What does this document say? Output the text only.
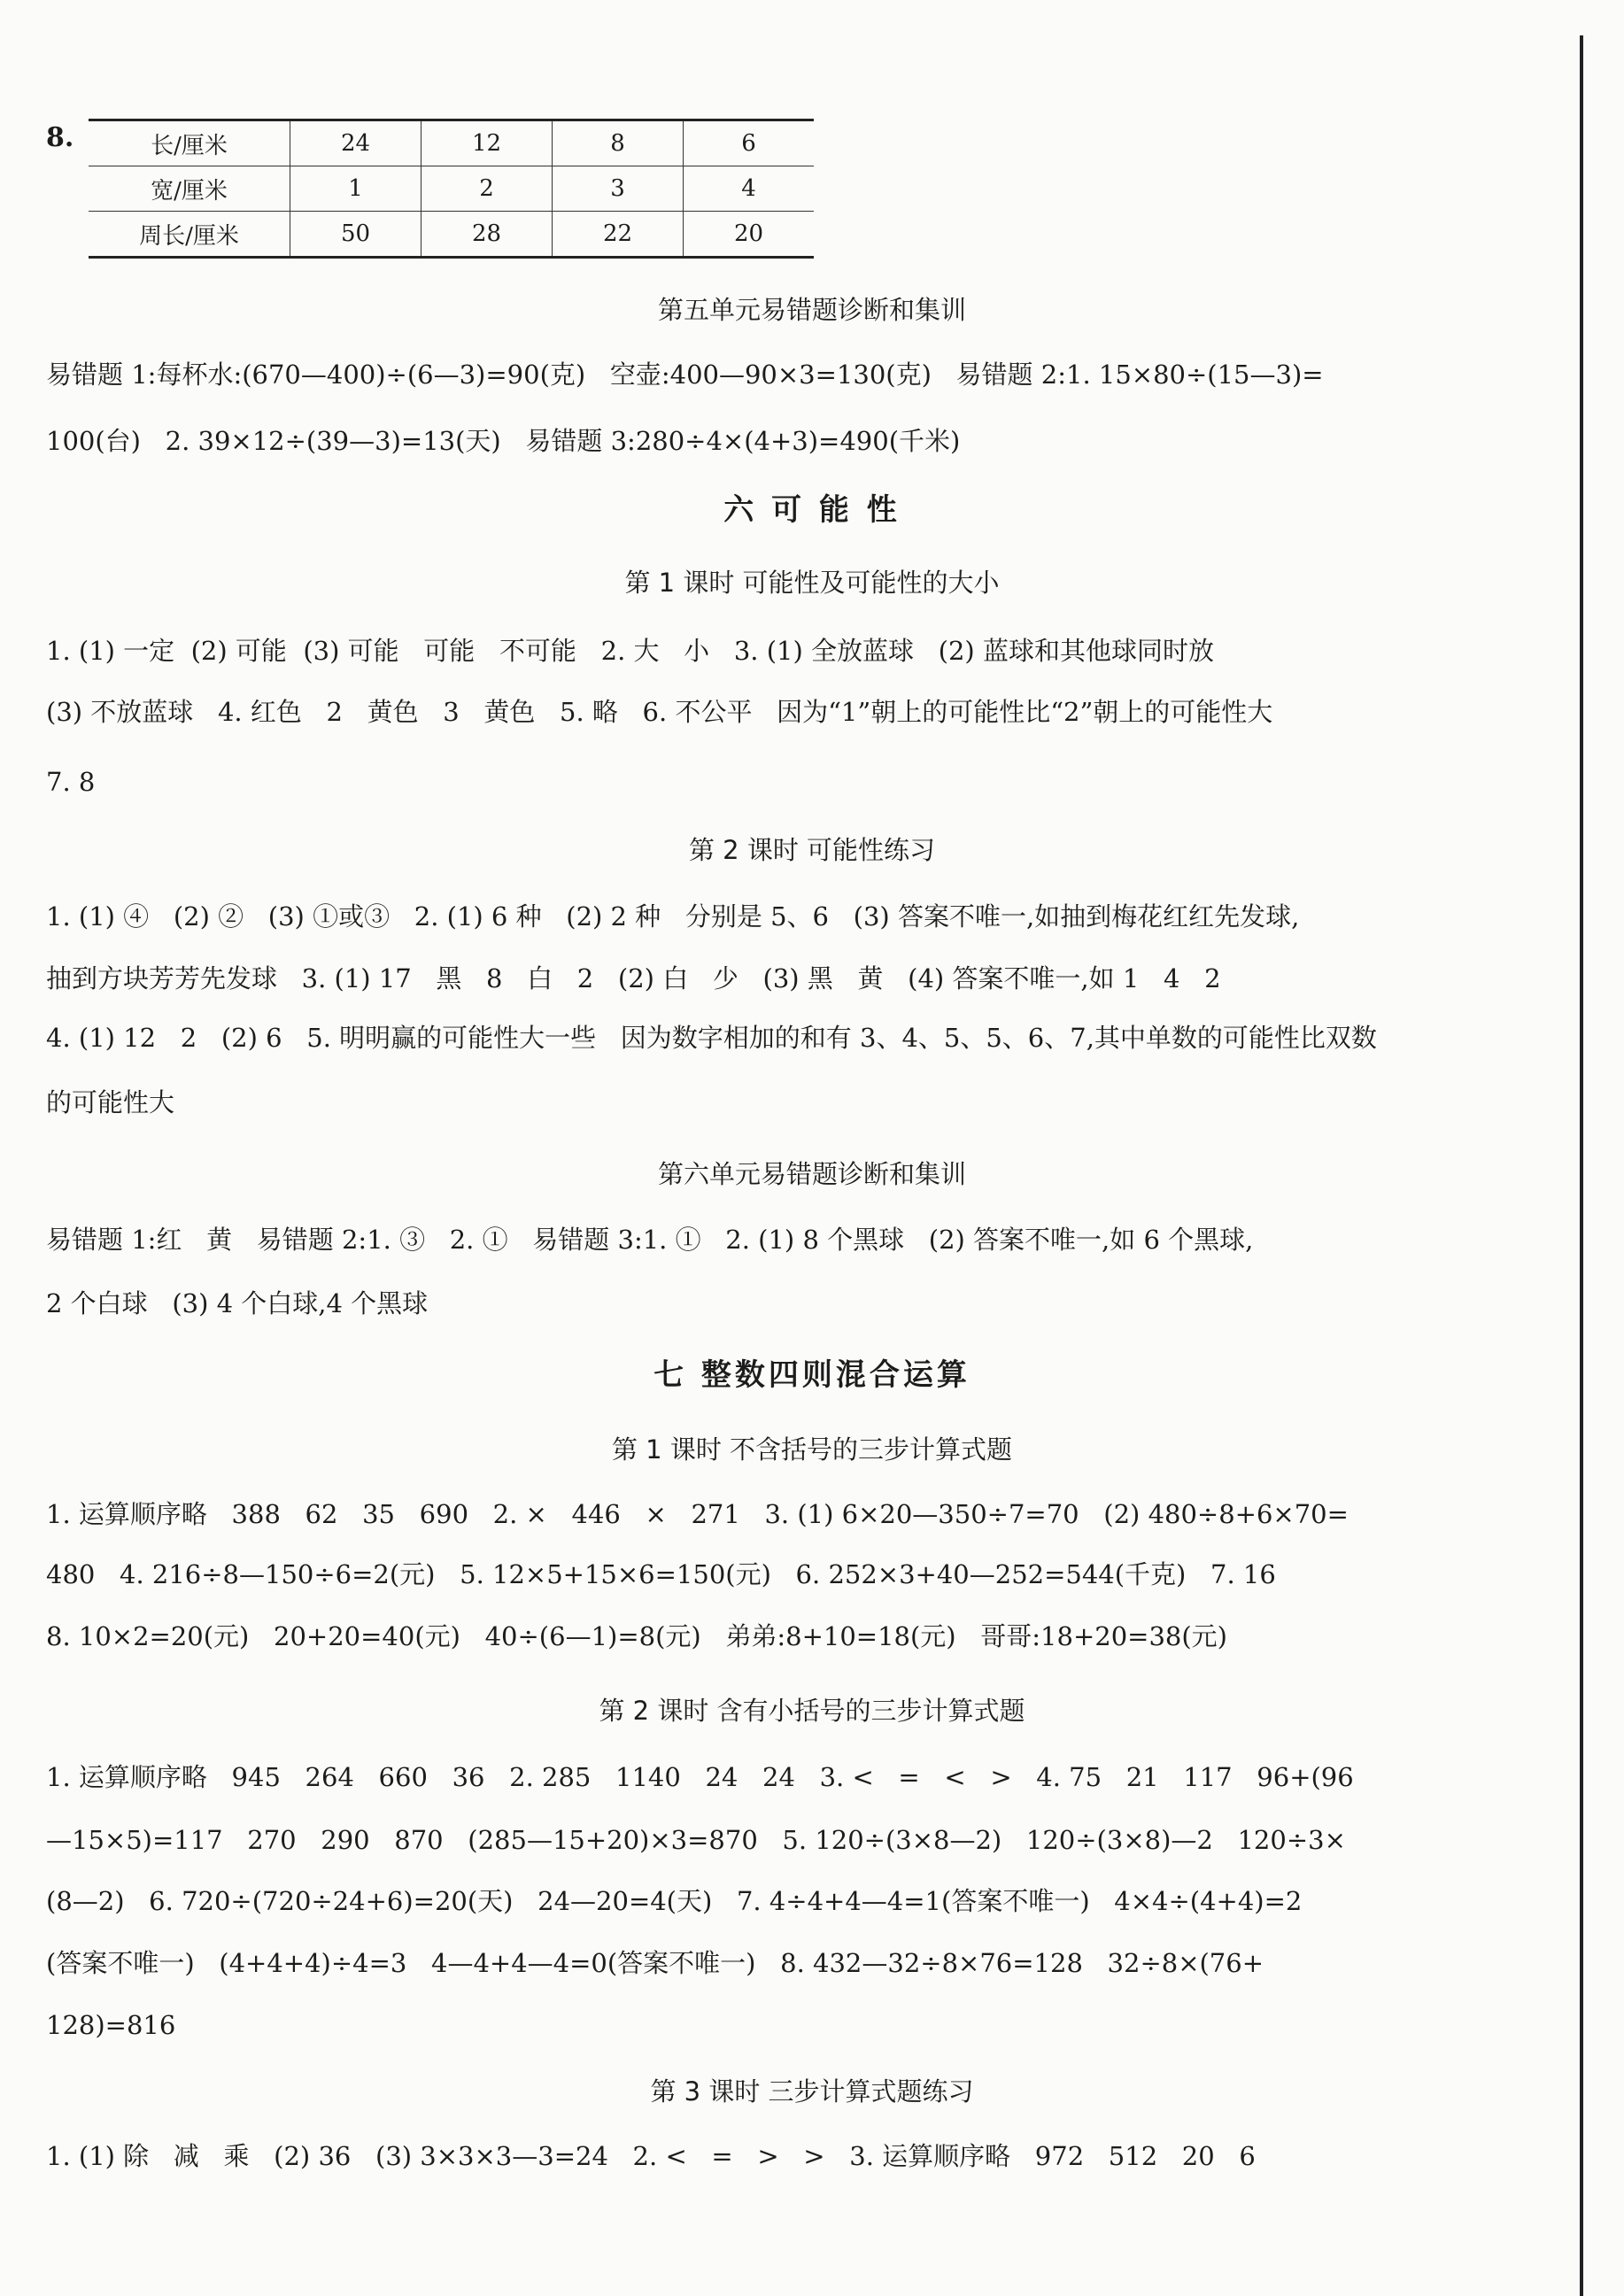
8.	长/厘米	24	12	8	6
宽/厘米	1	2	3	4
周长/厘米	50	28	22	20
第五单元易错题诊断和集训
易错题 1:每杯水:(670—400)÷(6—3)=90(克)   空壶:400—90×3=130(克)   易错题 2:1. 15×80÷(15—3)=
100(台)   2. 39×12÷(39—3)=13(天)   易错题 3:280÷4×(4+3)=490(千米)
六 可 能 性
第 1 课时 可能性及可能性的大小
1. (1) 一定  (2) 可能  (3) 可能   可能   不可能   2. 大   小   3. (1) 全放蓝球   (2) 蓝球和其他球同时放
(3) 不放蓝球   4. 红色   2   黄色   3   黄色   5. 略   6. 不公平   因为“1”朝上的可能性比“2”朝上的可能性大
7. 8
第 2 课时 可能性练习
1. (1) ④   (2) ②   (3) ①或③   2. (1) 6 种   (2) 2 种   分别是 5、6   (3) 答案不唯一,如抽到梅花红红先发球,
抽到方块芳芳先发球   3. (1) 17   黑   8   白   2   (2) 白   少   (3) 黑   黄   (4) 答案不唯一,如 1   4   2
4. (1) 12   2   (2) 6   5. 明明赢的可能性大一些   因为数字相加的和有 3、4、5、5、6、7,其中单数的可能性比双数
的可能性大
第六单元易错题诊断和集训
易错题 1:红   黄   易错题 2:1. ③   2. ①   易错题 3:1. ①   2. (1) 8 个黑球   (2) 答案不唯一,如 6 个黑球,
2 个白球   (3) 4 个白球,4 个黑球
七 整数四则混合运算
第 1 课时 不含括号的三步计算式题
1. 运算顺序略   388   62   35   690   2. ×   446   ×   271   3. (1) 6×20—350÷7=70   (2) 480÷8+6×70=
480   4. 216÷8—150÷6=2(元)   5. 12×5+15×6=150(元)   6. 252×3+40—252=544(千克)   7. 16
8. 10×2=20(元)   20+20=40(元)   40÷(6—1)=8(元)   弟弟:8+10=18(元)   哥哥:18+20=38(元)
第 2 课时 含有小括号的三步计算式题
1. 运算顺序略   945   264   660   36   2. 285   1140   24   24   3. <   =   <   >   4. 75   21   117   96+(96
—15×5)=117   270   290   870   (285—15+20)×3=870   5. 120÷(3×8—2)   120÷(3×8)—2   120÷3×
(8—2)   6. 720÷(720÷24+6)=20(天)   24—20=4(天)   7. 4÷4+4—4=1(答案不唯一)   4×4÷(4+4)=2
(答案不唯一)   (4+4+4)÷4=3   4—4+4—4=0(答案不唯一)   8. 432—32÷8×76=128   32÷8×(76+
128)=816
第 3 课时 三步计算式题练习
1. (1) 除   减   乘   (2) 36   (3) 3×3×3—3=24   2. <   =   >   >   3. 运算顺序略   972   512   20   6
